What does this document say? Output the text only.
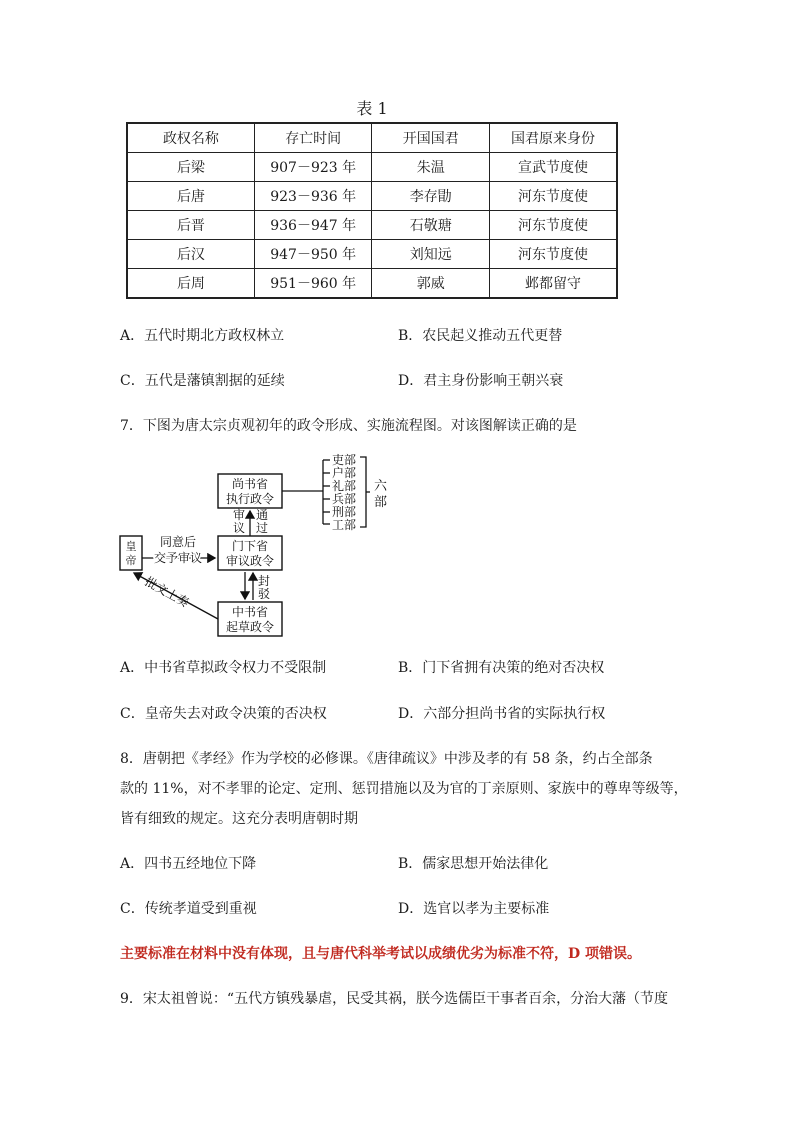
表 1
政权名称	存亡时间	开国国君	国君原来身份
后梁	907－923 年	朱温	宣武节度使
后唐	923－936 年	李存勖	河东节度使
后晋	936－947 年	石敬瑭	河东节度使
后汉	947－950 年	刘知远	河东节度使
后周	951－960 年	郭威	邺都留守
A．五代时期北方政权林立	B．农民起义推动五代更替
C．五代是藩镇割据的延续	D．君主身份影响王朝兴衰
7．下图为唐太宗贞观初年的政令形成、实施流程图。对该图解读正确的是
尚书省
执行政令
吏部
户部
礼部
兵部
刑部
工部
六
部
审
议
通
过
门下省
审议政令
皇
帝
同意后
交予审议
封
驳
中书省
起草政令
批文上奏
A．中书省草拟政令权力不受限制	B．门下省拥有决策的绝对否决权
C．皇帝失去对政令决策的否决权	D．六部分担尚书省的实际执行权
8．唐朝把《孝经》作为学校的必修课。《唐律疏议》中涉及孝的有 58 条，约占全部条
款的 11%，对不孝罪的论定、定刑、惩罚措施以及为官的丁亲原则、家族中的尊卑等级等，
皆有细致的规定。这充分表明唐朝时期
A．四书五经地位下降	B．儒家思想开始法律化
C．传统孝道受到重视	D．选官以孝为主要标准
主要标准在材料中没有体现，且与唐代科举考试以成绩优劣为标准不符，D 项错误。
9．宋太祖曾说：“五代方镇残暴虐，民受其祸，朕今选儒臣干事者百余，分治大藩（节度
